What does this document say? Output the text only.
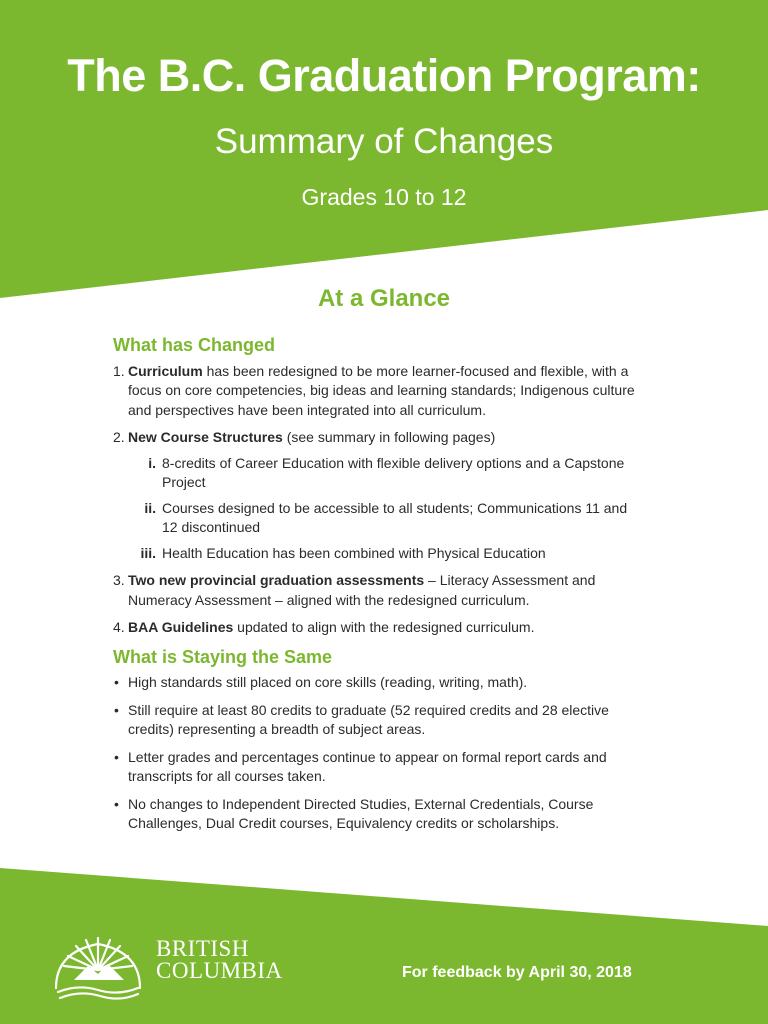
The B.C. Graduation Program:
Summary of Changes
Grades 10 to 12
At a Glance
What has Changed
1. Curriculum has been redesigned to be more learner-focused and flexible, with a focus on core competencies, big ideas and learning standards; Indigenous culture and perspectives have been integrated into all curriculum.
2. New Course Structures (see summary in following pages)
i. 8-credits of Career Education with flexible delivery options and a Capstone Project
ii. Courses designed to be accessible to all students; Communications 11 and 12 discontinued
iii. Health Education has been combined with Physical Education
3. Two new provincial graduation assessments – Literacy Assessment and Numeracy Assessment – aligned with the redesigned curriculum.
4. BAA Guidelines updated to align with the redesigned curriculum.
What is Staying the Same
• High standards still placed on core skills (reading, writing, math).
• Still require at least 80 credits to graduate (52 required credits and 28 elective credits) representing a breadth of subject areas.
• Letter grades and percentages continue to appear on formal report cards and transcripts for all courses taken.
• No changes to Independent Directed Studies, External Credentials, Course Challenges, Dual Credit courses, Equivalency credits or scholarships.
BRITISH
COLUMBIA	For feedback by April 30, 2018
